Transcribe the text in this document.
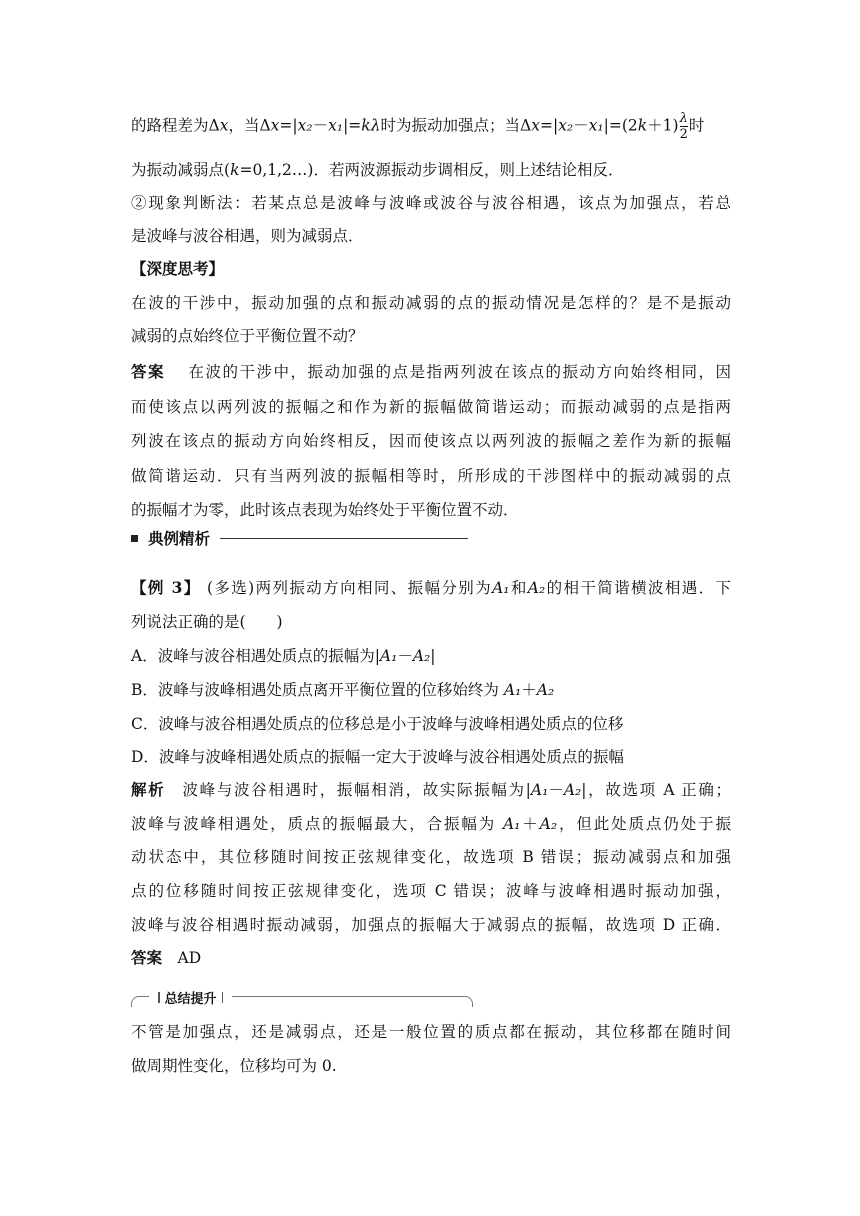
的路程差为Δx，当Δx=|x₂－x₁|=kλ时为振动加强点；当$\Delta x=|x_2-x_1|=(2k+1) \frac{\lambda}{2}$ 时
为振动减弱点(k=0,1,2…)．若两波源振动步调相反，则上述结论相反．
②现象判断法：若某点总是波峰与波峰或波谷与波谷相遇，该点为加强点，若总
是波峰与波谷相遇，则为减弱点．
【深度思考】
在波的干涉中，振动加强的点和振动减弱的点的振动情况是怎样的？是不是振动
减弱的点始终位于平衡位置不动？
答案　 在波的干涉中，振动加强的点是指两列波在该点的振动方向始终相同，因
而使该点以两列波的振幅之和作为新的振幅做简谐运动；而振动减弱的点是指两
列波在该点的振动方向始终相反，因而使该点以两列波的振幅之差作为新的振幅
做简谐运动．只有当两列波的振幅相等时，所形成的干涉图样中的振动减弱的点
的振幅才为零，此时该点表现为始终处于平衡位置不动．
典例精析
【例 3】 (多选)两列振动方向相同、振幅分别为A₁和A₂的相干简谐横波相遇．下
列说法正确的是(　　)
A．波峰与波谷相遇处质点的振幅为|A₁－A₂|
B．波峰与波峰相遇处质点离开平衡位置的位移始终为 A₁＋A₂
C．波峰与波谷相遇处质点的位移总是小于波峰与波峰相遇处质点的位移
D．波峰与波峰相遇处质点的振幅一定大于波峰与波谷相遇处质点的振幅
解析　 波峰与波谷相遇时，振幅相消，故实际振幅为|A₁－A₂|，故选项 A 正确；
波峰与波峰相遇处，质点的振幅最大，合振幅为 A₁＋A₂，但此处质点仍处于振
动状态中，其位移随时间按正弦规律变化，故选项 B 错误；振动减弱点和加强
点的位移随时间按正弦规律变化，选项 C 错误；波峰与波峰相遇时振动加强，
波峰与波谷相遇时振动减弱，加强点的振幅大于减弱点的振幅，故选项 D 正确．
答案　 AD
总结提升
不管是加强点，还是减弱点，还是一般位置的质点都在振动，其位移都在随时间
做周期性变化，位移均可为 0.
